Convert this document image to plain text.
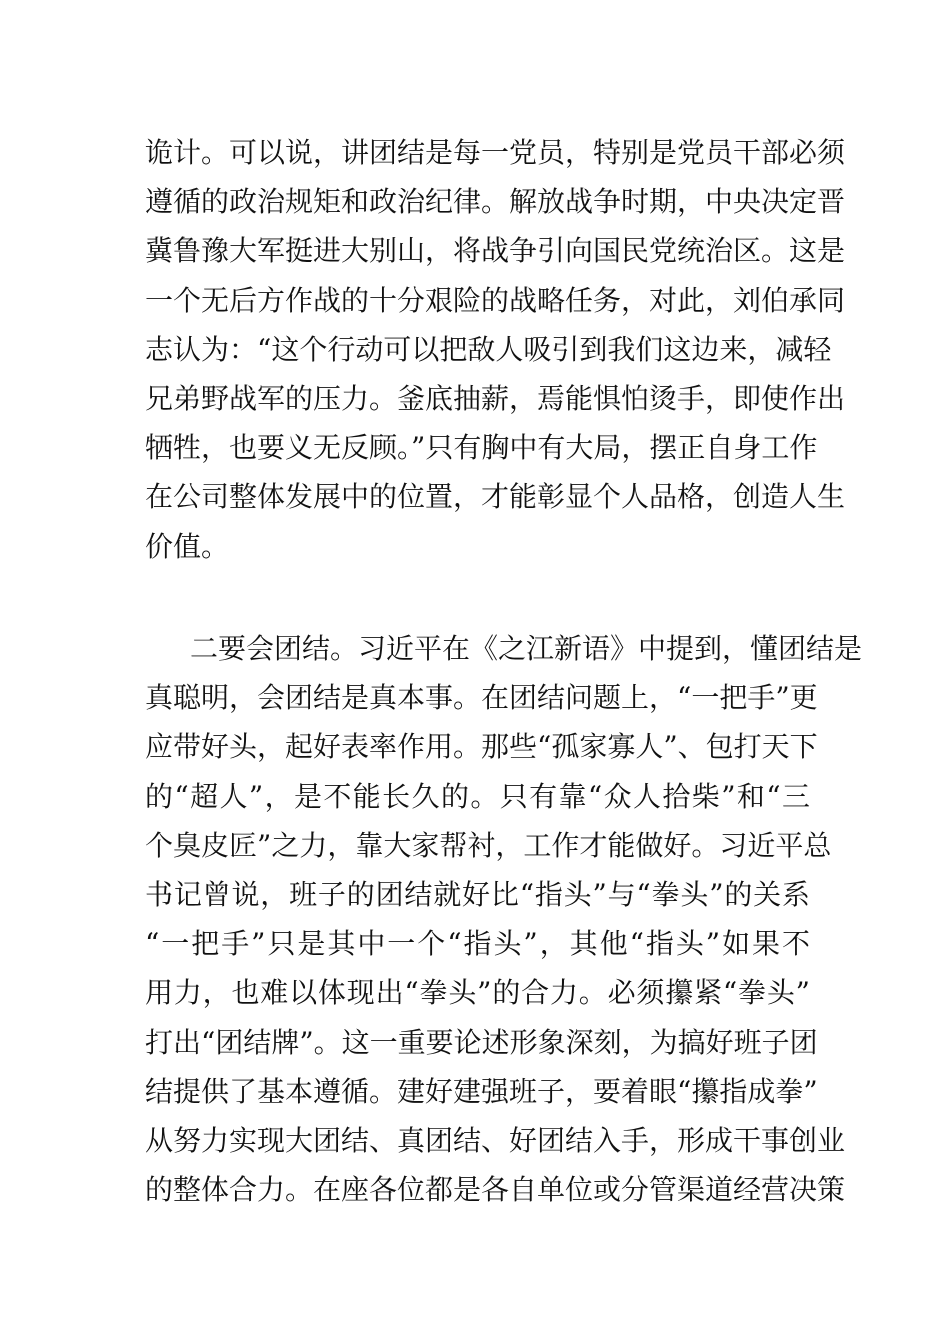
诡计。可以说，讲团结是每一党员，特别是党员干部必须
遵循的政治规矩和政治纪律。解放战争时期，中央决定晋
冀鲁豫大军挺进大别山，将战争引向国民党统治区。这是
一个无后方作战的十分艰险的战略任务，对此，刘伯承同
志认为：“这个行动可以把敌人吸引到我们这边来，减轻
兄弟野战军的压力。釜底抽薪，焉能惧怕烫手，即使作出
牺牲，也要义无反顾。”只有胸中有大局，摆正自身工作
在公司整体发展中的位置，才能彰显个人品格，创造人生
价值。
二要会团结。习近平在《之江新语》中提到，懂团结是
真聪明，会团结是真本事。在团结问题上，“一把手”更
应带好头，起好表率作用。那些“孤家寡人”、包打天下
的“超人”，是不能长久的。只有靠“众人拾柴”和“三
个臭皮匠”之力，靠大家帮衬，工作才能做好。习近平总
书记曾说，班子的团结就好比“指头”与“拳头”的关系
“一把手”只是其中一个“指头”，其他“指头”如果不
用力，也难以体现出“拳头”的合力。必须攥紧“拳头”
打出“团结牌”。这一重要论述形象深刻，为搞好班子团
结提供了基本遵循。建好建强班子，要着眼“攥指成拳”
从努力实现大团结、真团结、好团结入手，形成干事创业
的整体合力。在座各位都是各自单位或分管渠道经营决策
